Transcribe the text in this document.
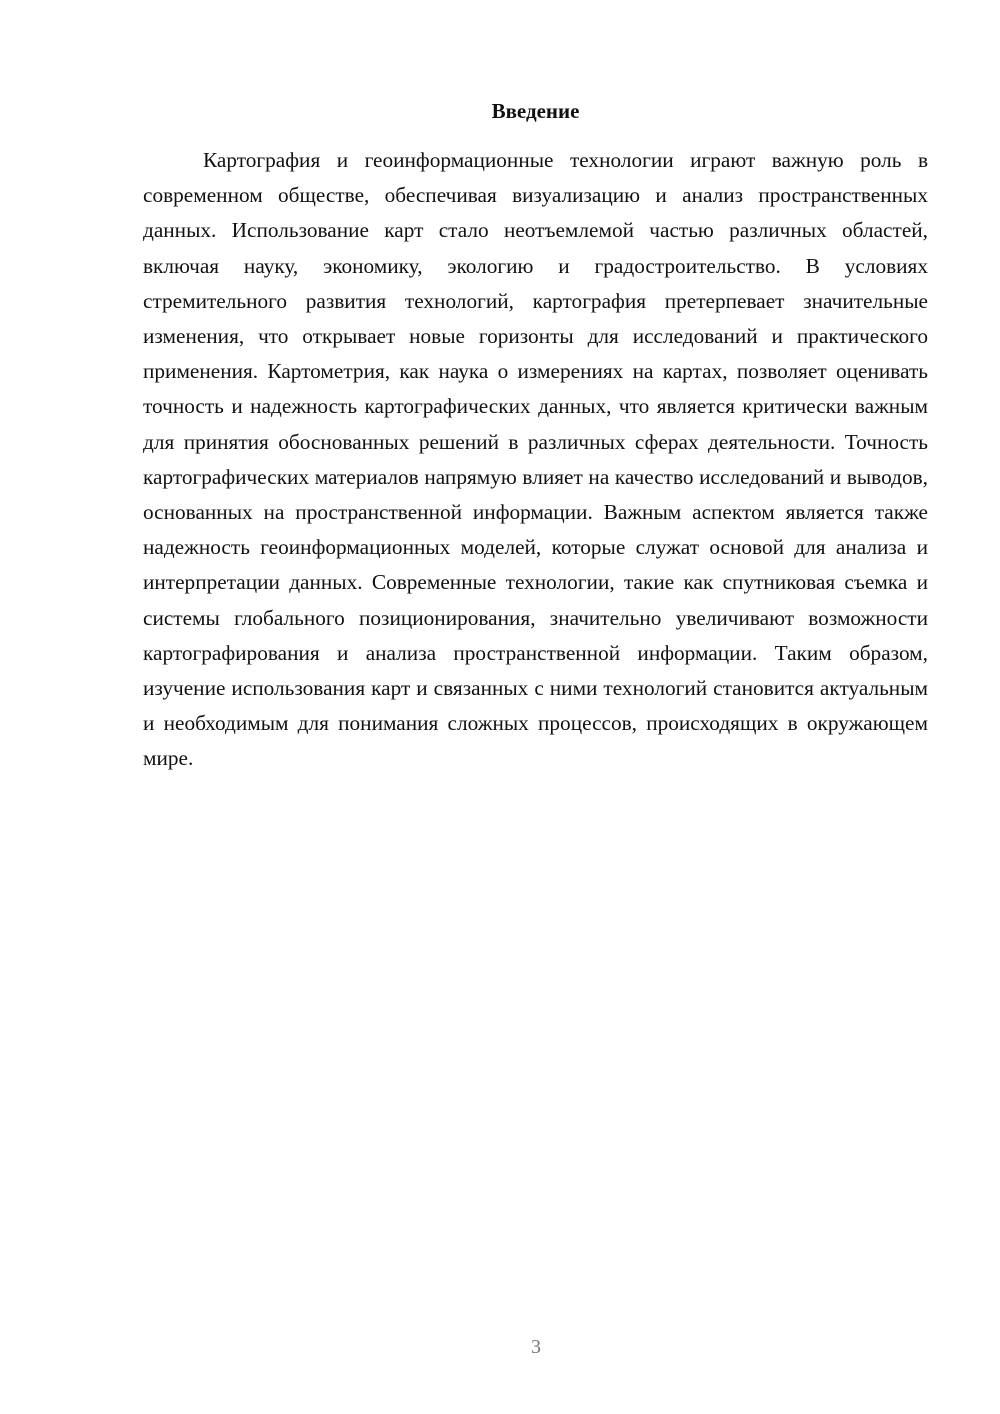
Введение

Картография и геоинформационные технологии играют важную роль в современном обществе, обеспечивая визуализацию и анализ пространственных данных. Использование карт стало неотъемлемой частью различных областей, включая науку, экономику, экологию и градостроительство. В условиях стремительного развития технологий, картография претерпевает значительные изменения, что открывает новые горизонты для исследований и практического применения. Картометрия, как наука о измерениях на картах, позволяет оценивать точность и надежность картографических данных, что является критически важным для принятия обоснованных решений в различных сферах деятельности. Точность картографических материалов напрямую влияет на качество исследований и выводов, основанных на пространственной информации. Важным аспектом является также надежность геоинформационных моделей, которые служат основой для анализа и интерпретации данных. Современные технологии, такие как спутниковая съемка и системы глобального позиционирования, значительно увеличивают возможности картографирования и анализа пространственной информации. Таким образом, изучение использования карт и связанных с ними технологий становится актуальным и необходимым для понимания сложных процессов, происходящих в окружающем мире.

3
